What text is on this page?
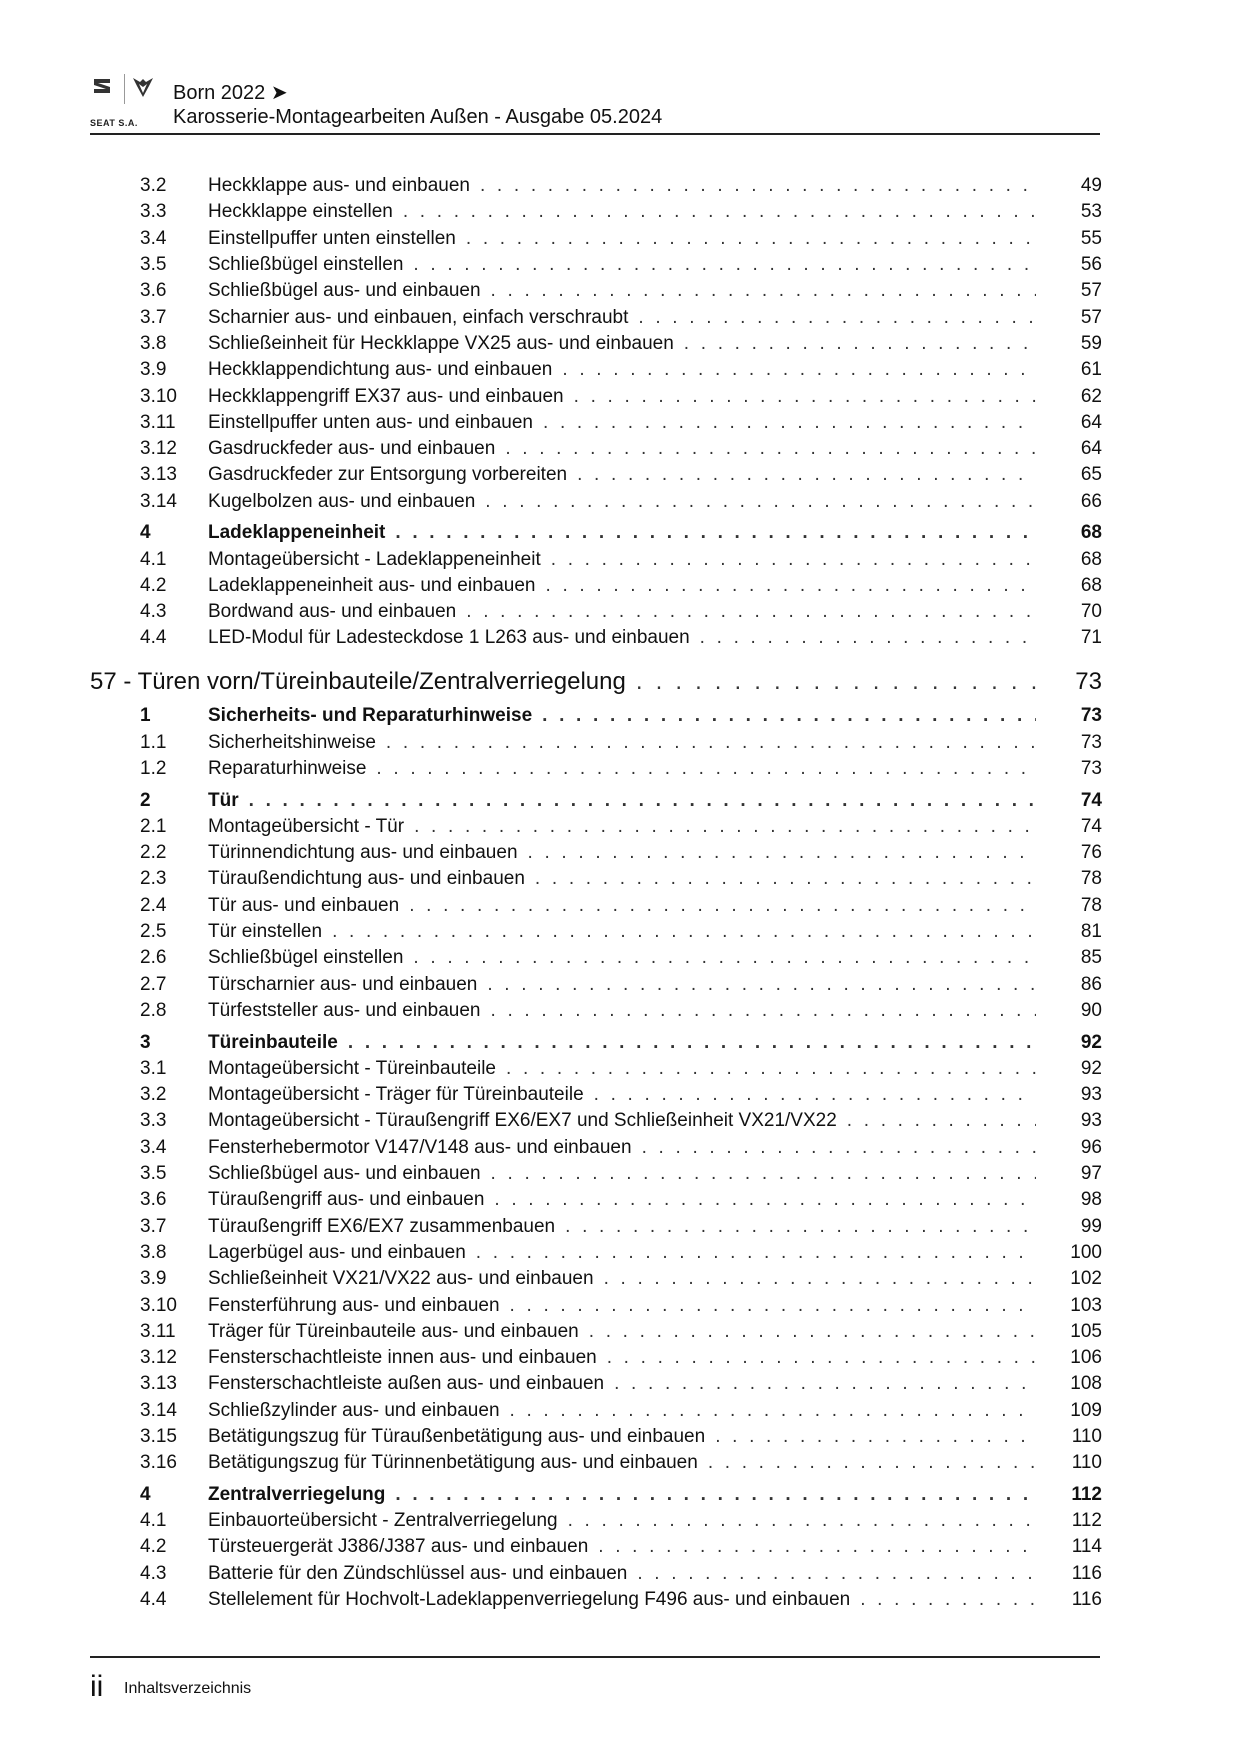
SEAT S.A.
Born 2022 ➤
Karosserie-Montagearbeiten Außen - Ausgabe 05.2024
3.2	Heckklappe aus- und einbauen . . .	49
3.3	Heckklappe einstellen . . .	53
3.4	Einstellpuffer unten einstellen . . .	55
3.5	Schließbügel einstellen . . .	56
3.6	Schließbügel aus- und einbauen . . .	57
3.7	Scharnier aus- und einbauen, einfach verschraubt . . .	57
3.8	Schließeinheit für Heckklappe VX25 aus- und einbauen . . .	59
3.9	Heckklappendichtung aus- und einbauen . . .	61
3.10	Heckklappengriff EX37 aus- und einbauen . . .	62
3.11	Einstellpuffer unten aus- und einbauen . . .	64
3.12	Gasdruckfeder aus- und einbauen . . .	64
3.13	Gasdruckfeder zur Entsorgung vorbereiten . . .	65
3.14	Kugelbolzen aus- und einbauen . . .	66
4	Ladeklappeneinheit . . .	68
4.1	Montageübersicht - Ladeklappeneinheit . . .	68
4.2	Ladeklappeneinheit aus- und einbauen . . .	68
4.3	Bordwand aus- und einbauen . . .	70
4.4	LED-Modul für Ladesteckdose 1 L263 aus- und einbauen . . .	71
57 - Türen vorn/Türeinbauteile/Zentralverriegelung . . .	73
1	Sicherheits- und Reparaturhinweise . . .	73
1.1	Sicherheitshinweise . . .	73
1.2	Reparaturhinweise . . .	73
2	Tür . . .	74
2.1	Montageübersicht - Tür . . .	74
2.2	Türinnendichtung aus- und einbauen . . .	76
2.3	Türaußendichtung aus- und einbauen . . .	78
2.4	Tür aus- und einbauen . . .	78
2.5	Tür einstellen . . .	81
2.6	Schließbügel einstellen . . .	85
2.7	Türscharnier aus- und einbauen . . .	86
2.8	Türfeststeller aus- und einbauen . . .	90
3	Türeinbauteile . . .	92
3.1	Montageübersicht - Türeinbauteile . . .	92
3.2	Montageübersicht - Träger für Türeinbauteile . . .	93
3.3	Montageübersicht - Türaußengriff EX6/EX7 und Schließeinheit VX21/VX22 . . .	93
3.4	Fensterhebermotor V147/V148 aus- und einbauen . . .	96
3.5	Schließbügel aus- und einbauen . . .	97
3.6	Türaußengriff aus- und einbauen . . .	98
3.7	Türaußengriff EX6/EX7 zusammenbauen . . .	99
3.8	Lagerbügel aus- und einbauen . . .	100
3.9	Schließeinheit VX21/VX22 aus- und einbauen . . .	102
3.10	Fensterführung aus- und einbauen . . .	103
3.11	Träger für Türeinbauteile aus- und einbauen . . .	105
3.12	Fensterschachtleiste innen aus- und einbauen . . .	106
3.13	Fensterschachtleiste außen aus- und einbauen . . .	108
3.14	Schließzylinder aus- und einbauen . . .	109
3.15	Betätigungszug für Türaußenbetätigung aus- und einbauen . . .	110
3.16	Betätigungszug für Türinnenbetätigung aus- und einbauen . . .	110
4	Zentralverriegelung . . .	112
4.1	Einbauorteübersicht - Zentralverriegelung . . .	112
4.2	Türsteuergerät J386/J387 aus- und einbauen . . .	114
4.3	Batterie für den Zündschlüssel aus- und einbauen . . .	116
4.4	Stellelement für Hochvolt-Ladeklappenverriegelung F496 aus- und einbauen . . .	116
ii Inhaltsverzeichnis
